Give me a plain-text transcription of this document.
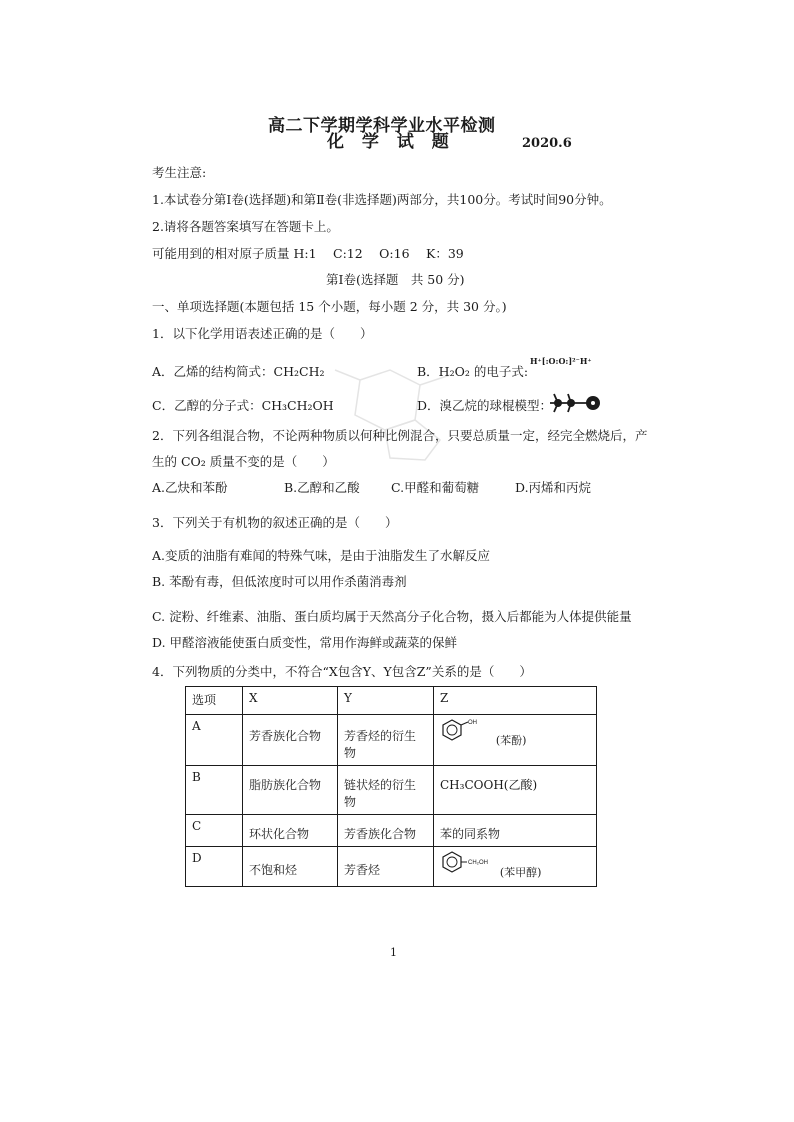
高二下学期学科学业水平检测
化 学 试 题	2020.6
考生注意:
1.本试卷分第Ⅰ卷(选择题)和第Ⅱ卷(非选择题)两部分，共100分。考试时间90分钟。
2.请将各题答案填写在答题卡上。
可能用到的相对原子质量 H:1　 C:12　 O:16　 K：39
第Ⅰ卷(选择题　共 50 分)
一、单项选择题(本题包括 15 个小题，每小题 2 分，共 30 分。)
1．以下化学用语表述正确的是（　　）
A．乙烯的结构简式：CH₂CH₂	B．H₂O₂ 的电子式:
H⁺[:O:O:]²⁻H⁺
C．乙醇的分子式：CH₃CH₂OH	D．溴乙烷的球棍模型：
2．下列各组混合物，不论两种物质以何种比例混合，只要总质量一定，经完全燃烧后，产
生的 CO₂ 质量不变的是（　　）
A.乙炔和苯酚	B.乙醇和乙酸	C.甲醛和葡萄糖	D.丙烯和丙烷
3．下列关于有机物的叙述正确的是（　　）
A.变质的油脂有难闻的特殊气味，是由于油脂发生了水解反应
B. 苯酚有毒，但低浓度时可以用作杀菌消毒剂
C. 淀粉、纤维素、油脂、蛋白质均属于天然高分子化合物，摄入后都能为人体提供能量
D. 甲醛溶液能使蛋白质变性，常用作海鲜或蔬菜的保鲜
4．下列物质的分类中，不符合“X包含Y、Y包含Z”关系的是（　　）
选项	X	Y	Z
A	芳香族化合物	芳香烃的衍生物	OH
(苯酚)
B	脂肪族化合物	链状烃的衍生物	CH₃COOH(乙酸)
C	环状化合物	芳香族化合物	苯的同系物
D	不饱和烃	芳香烃	CH₂OH
(苯甲醇)
1
